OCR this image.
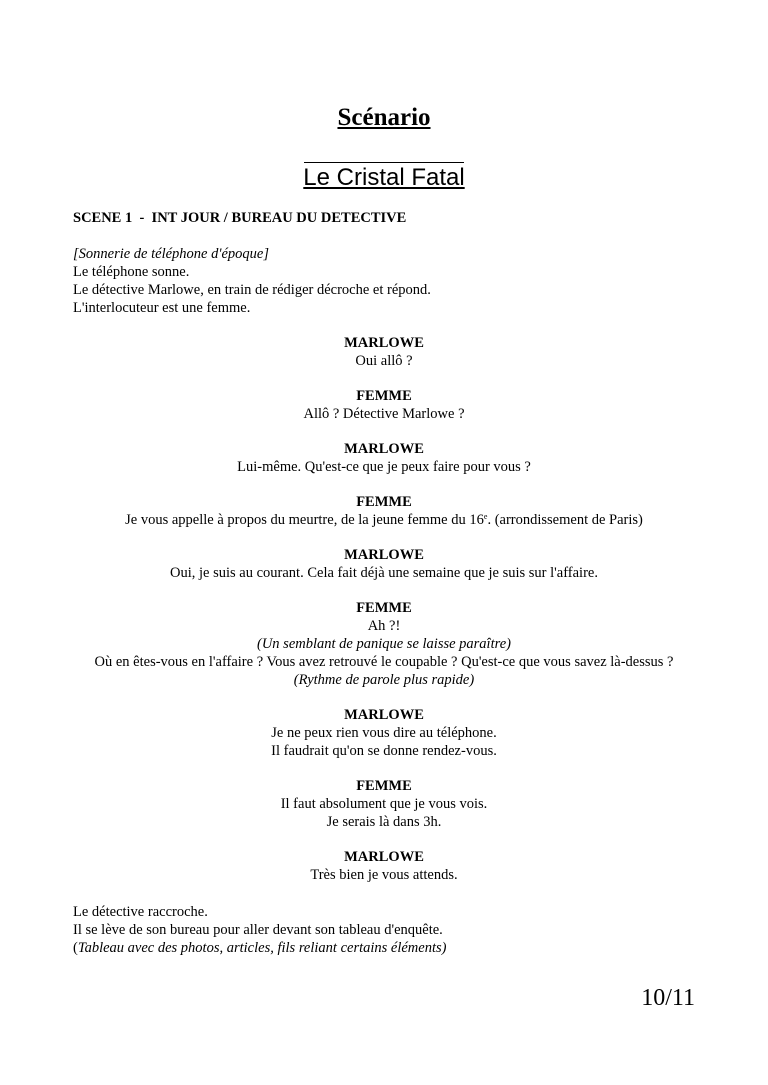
Scénario
Le Cristal Fatal
SCENE 1  -  INT JOUR / BUREAU DU DETECTIVE
[Sonnerie de téléphone d'époque]
Le téléphone sonne.
Le détective Marlowe, en train de rédiger décroche et répond.
L'interlocuteur est une femme.
MARLOWE
Oui allô ?
FEMME
Allô ? Détective Marlowe ?
MARLOWE
Lui-même. Qu'est-ce que je peux faire pour vous ?
FEMME
Je vous appelle à propos du meurtre, de la jeune femme du 16e. (arrondissement de Paris)
MARLOWE
Oui, je suis au courant. Cela fait déjà une semaine que je suis sur l'affaire.
FEMME
Ah ?!
(Un semblant de panique se laisse paraître)
Où en êtes-vous en l'affaire ? Vous avez retrouvé le coupable ? Qu'est-ce que vous savez là-dessus ?
(Rythme de parole plus rapide)
MARLOWE
Je ne peux rien vous dire au téléphone.
Il faudrait qu'on se donne rendez-vous.
FEMME
Il faut absolument que je vous vois.
Je serais là dans 3h.
MARLOWE
Très bien je vous attends.
Le détective raccroche.
Il se lève de son bureau pour aller devant son tableau d'enquête.
(Tableau avec des photos, articles, fils reliant certains éléments)
10/11
